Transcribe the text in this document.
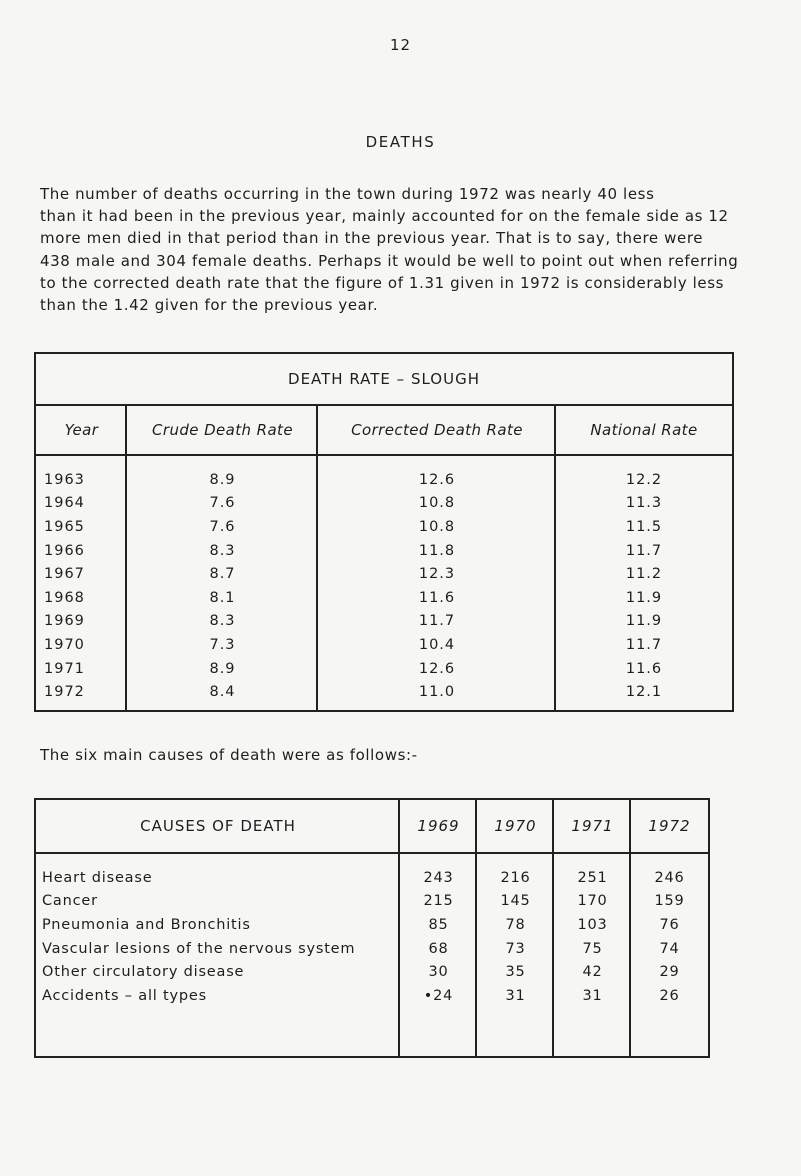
12
DEATHS

The number of deaths occurring in the town during 1972 was nearly 40 less
than it had been in the previous year, mainly accounted for on the female side as 12
more men died in that period than in the previous year. That is to say, there were
438 male and 304 female deaths. Perhaps it would be well to point out when referring
to the corrected death rate that the figure of 1.31 given in 1972 is considerably less
than the 1.42 given for the previous year.

DEATH RATE – SLOUGH
Year	Crude Death Rate	Corrected Death Rate	National Rate
1963	8.9	12.6	12.2
1964	7.6	10.8	11.3
1965	7.6	10.8	11.5
1966	8.3	11.8	11.7
1967	8.7	12.3	11.2
1968	8.1	11.6	11.9
1969	8.3	11.7	11.9
1970	7.3	10.4	11.7
1971	8.9	12.6	11.6
1972	8.4	11.0	12.1
The six main causes of death were as follows:-
CAUSES OF DEATH	1969	1970	1971	1972
Heart disease	243	216	251	246
Cancer	215	145	170	159
Pneumonia and Bronchitis	85	78	103	76
Vascular lesions of the nervous system	68	73	75	74
Other circulatory disease	30	35	42	29
Accidents – all types	•24	31	31	26
